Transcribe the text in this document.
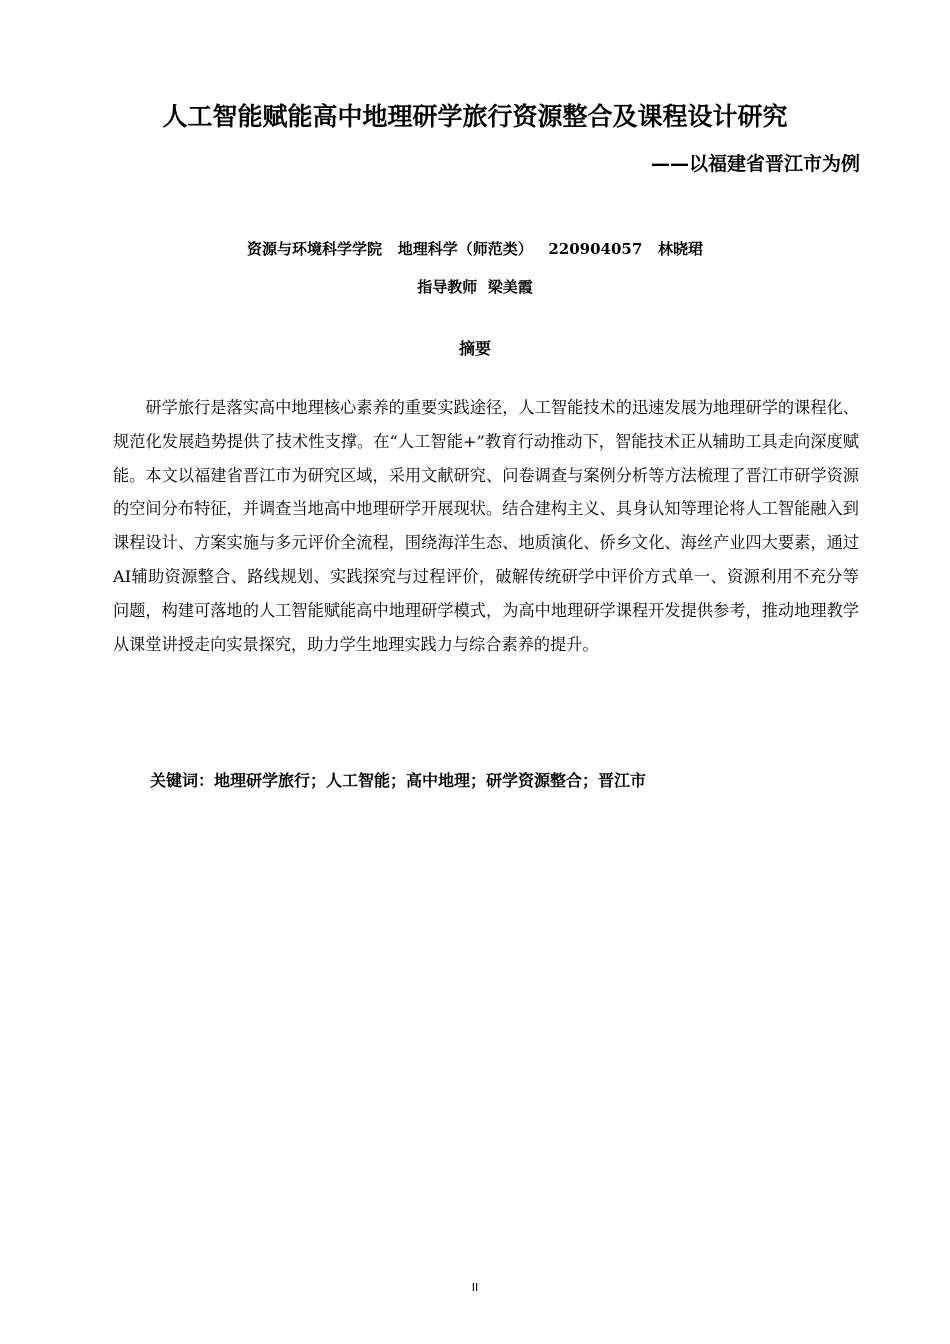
人工智能赋能高中地理研学旅行资源整合及课程设计研究
——以福建省晋江市为例
资源与环境科学学院 地理科学（师范类） 220904057 林晓珺
指导教师 梁美霞
摘要

研学旅行是落实高中地理核心素养的重要实践途径，人工智能技术的迅速发展为地理研学的课程化、规范化发展趋势提供了技术性支撑。在“人工智能+”教育行动推动下，智能技术正从辅助工具走向深度赋能。本文以福建省晋江市为研究区域，采用文献研究、问卷调查与案例分析等方法梳理了晋江市研学资源的空间分布特征，并调查当地高中地理研学开展现状。结合建构主义、具身认知等理论将人工智能融入到课程设计、方案实施与多元评价全流程，围绕海洋生态、地质演化、侨乡文化、海丝产业四大要素，通过AI辅助资源整合、路线规划、实践探究与过程评价，破解传统研学中评价方式单一、资源利用不充分等问题，构建可落地的人工智能赋能高中地理研学模式，为高中地理研学课程开发提供参考，推动地理教学从课堂讲授走向实景探究，助力学生地理实践力与综合素养的提升。

关键词：地理研学旅行；人工智能；高中地理；研学资源整合；晋江市
II
